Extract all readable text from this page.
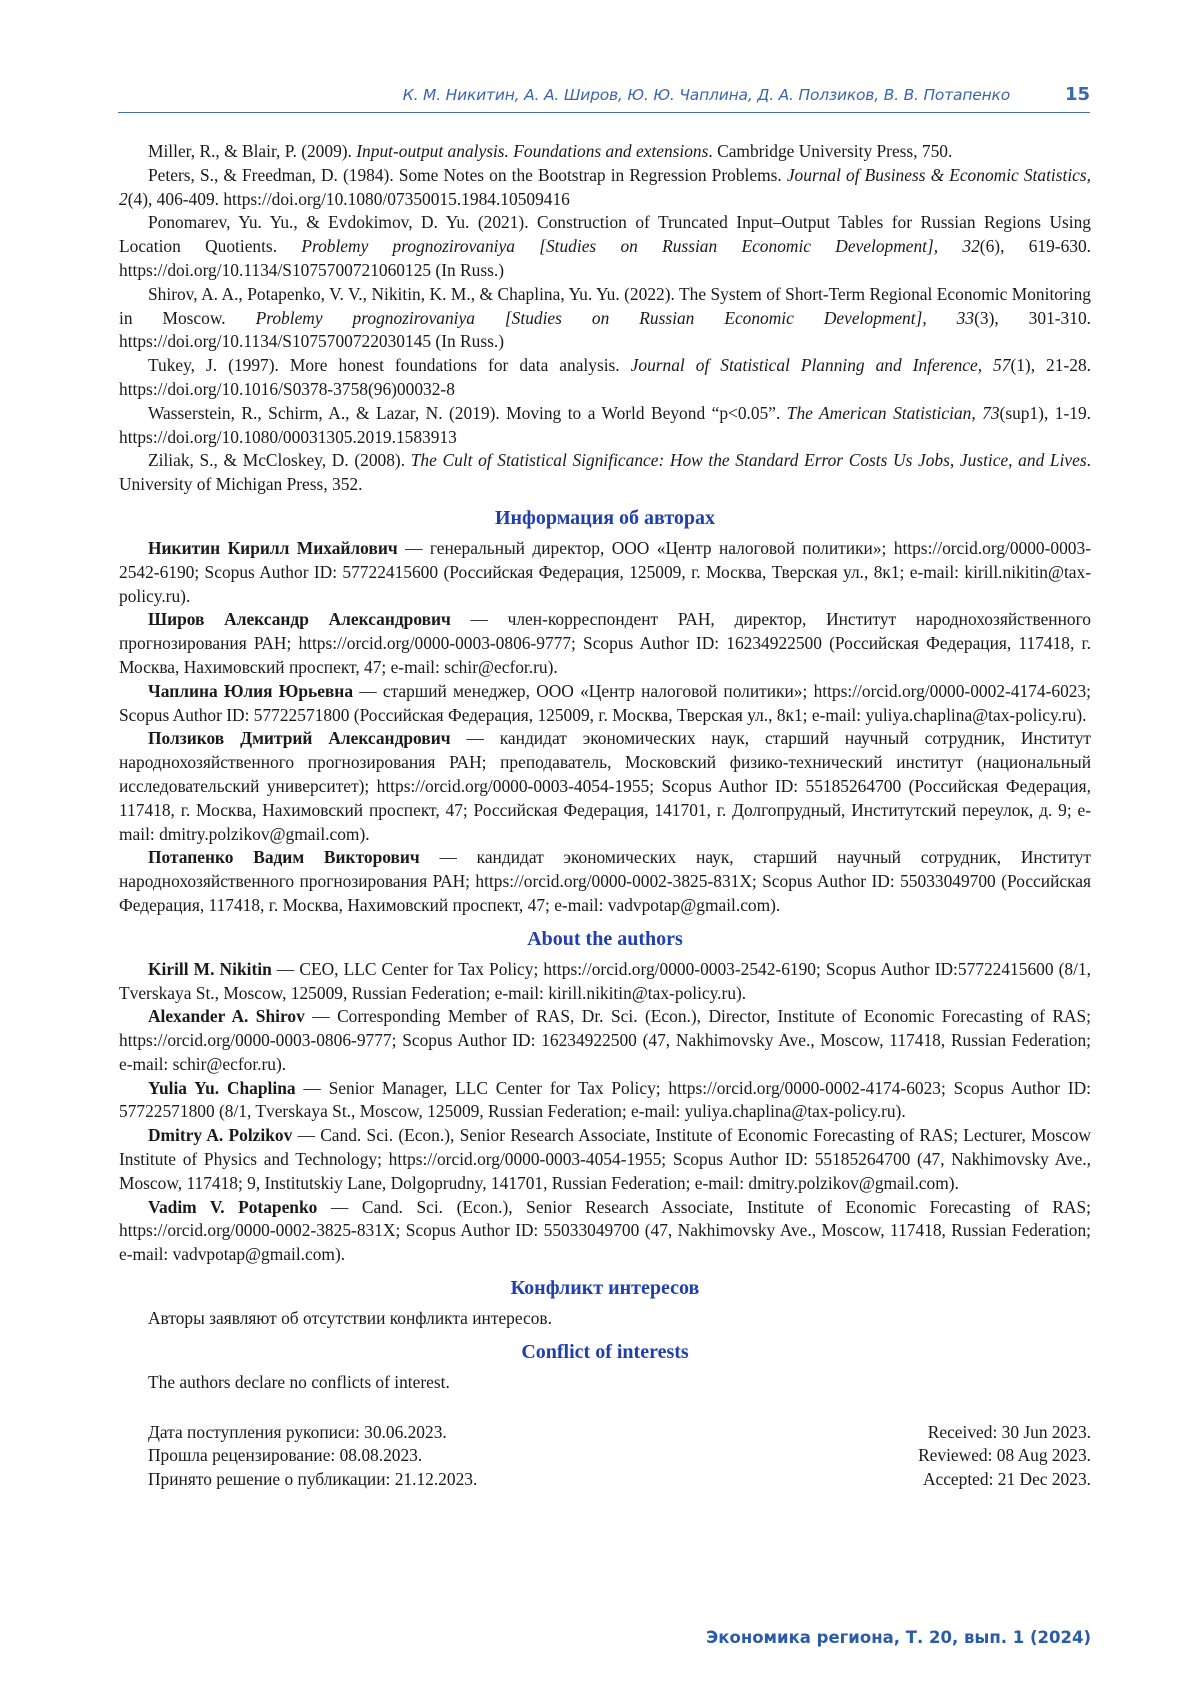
К. М. Никитин, А. А. Широв, Ю. Ю. Чаплина, Д. А. Ползиков, В. В. Потапенко	15

Miller, R., & Blair, P. (2009). Input-output analysis. Foundations and extensions. Cambridge University Press, 750.

Peters, S., & Freedman, D. (1984). Some Notes on the Bootstrap in Regression Problems. Journal of Business & Economic Statistics, 2(4), 406-409. https://doi.org/10.1080/07350015.1984.10509416

Ponomarev, Yu. Yu., & Evdokimov, D. Yu. (2021). Construction of Truncated Input–Output Tables for Russian Regions Using Location Quotients. Problemy prognozirovaniya [Studies on Russian Economic Development], 32(6), 619-630. https://doi.org/10.1134/S1075700721060125 (In Russ.)

Shirov, A. A., Potapenko, V. V., Nikitin, K. M., & Chaplina, Yu. Yu. (2022). The System of Short-Term Regional Economic Monitoring in Moscow. Problemy prognozirovaniya [Studies on Russian Economic Development], 33(3), 301-310. https://doi.org/10.1134/S1075700722030145 (In Russ.)

Tukey, J. (1997). More honest foundations for data analysis. Journal of Statistical Planning and Inference, 57(1), 21-28. https://doi.org/10.1016/S0378-3758(96)00032-8

Wasserstein, R., Schirm, A., & Lazar, N. (2019). Moving to a World Beyond “p<0.05”. The American Statistician, 73(sup1), 1-19. https://doi.org/10.1080/00031305.2019.1583913

Ziliak, S., & McCloskey, D. (2008). The Cult of Statistical Significance: How the Standard Error Costs Us Jobs, Justice, and Lives. University of Michigan Press, 352.

Информация об авторах

Никитин Кирилл Михайлович — генеральный директор, ООО «Центр налоговой политики»; https://orcid.org/0000-0003-2542-6190; Scopus Author ID: 57722415600 (Российская Федерация, 125009, г. Москва, Тверская ул., 8к1; e-mail: kirill.nikitin@tax-policy.ru).

Широв Александр Александрович — член-корреспондент РАН, директор, Институт народнохозяйственного прогнозирования РАН; https://orcid.org/0000-0003-0806-9777; Scopus Author ID: 16234922500 (Российская Федерация, 117418, г. Москва, Нахимовский проспект, 47; e-mail: schir@ecfor.ru).

Чаплина Юлия Юрьевна — старший менеджер, ООО «Центр налоговой политики»; https://orcid.org/0000-0002-4174-6023; Scopus Author ID: 57722571800 (Российская Федерация, 125009, г. Москва, Тверская ул., 8к1; e-mail: yuliya.chaplina@tax-policy.ru).

Ползиков Дмитрий Александрович — кандидат экономических наук, старший научный сотрудник, Институт народнохозяйственного прогнозирования РАН; преподаватель, Московский физико-технический институт (национальный исследовательский университет); https://orcid.org/0000-0003-4054-1955; Scopus Author ID: 55185264700 (Российская Федерация, 117418, г. Москва, Нахимовский проспект, 47; Российская Федерация, 141701, г. Долгопрудный, Институтский переулок, д. 9; e-mail: dmitry.polzikov@gmail.com).

Потапенко Вадим Викторович — кандидат экономических наук, старший научный сотрудник, Институт народнохозяйственного прогнозирования РАН; https://orcid.org/0000-0002-3825-831X; Scopus Author ID: 55033049700 (Российская Федерация, 117418, г. Москва, Нахимовский проспект, 47; e-mail: vadvpotap@gmail.com).

About the authors

Kirill M. Nikitin — CEO, LLC Center for Tax Policy; https://orcid.org/0000-0003-2542-6190; Scopus Author ID:57722415600 (8/1, Tverskaya St., Moscow, 125009, Russian Federation; e-mail: kirill.nikitin@tax-policy.ru).

Alexander A. Shirov — Corresponding Member of RAS, Dr. Sci. (Econ.), Director, Institute of Economic Forecasting of RAS; https://orcid.org/0000-0003-0806-9777; Scopus Author ID: 16234922500 (47, Nakhimovsky Ave., Moscow, 117418, Russian Federation; e-mail: schir@ecfor.ru).

Yulia Yu. Chaplina — Senior Manager, LLC Center for Tax Policy; https://orcid.org/0000-0002-4174-6023; Scopus Author ID: 57722571800 (8/1, Tverskaya St., Moscow, 125009, Russian Federation; e-mail: yuliya.chaplina@tax-policy.ru).

Dmitry A. Polzikov — Cand. Sci. (Econ.), Senior Research Associate, Institute of Economic Forecasting of RAS; Lecturer, Moscow Institute of Physics and Technology; https://orcid.org/0000-0003-4054-1955; Scopus Author ID: 55185264700 (47, Nakhimovsky Ave., Moscow, 117418; 9, Institutskiy Lane, Dolgoprudny, 141701, Russian Federation; e-mail: dmitry.polzikov@gmail.com).

Vadim V. Potapenko — Cand. Sci. (Econ.), Senior Research Associate, Institute of Economic Forecasting of RAS; https://orcid.org/0000-0002-3825-831X; Scopus Author ID: 55033049700 (47, Nakhimovsky Ave., Moscow, 117418, Russian Federation; e-mail: vadvpotap@gmail.com).

Конфликт интересов

Авторы заявляют об отсутствии конфликта интересов.

Conflict of interests

The authors declare no conflicts of interest.

Дата поступления рукописи: 30.06.2023.
Прошла рецензирование: 08.08.2023.
Принято решение о публикации: 21.12.2023.
Received: 30 Jun 2023.
Reviewed: 08 Aug 2023.
Accepted: 21 Dec 2023.
Экономика региона, Т. 20, вып. 1 (2024)
